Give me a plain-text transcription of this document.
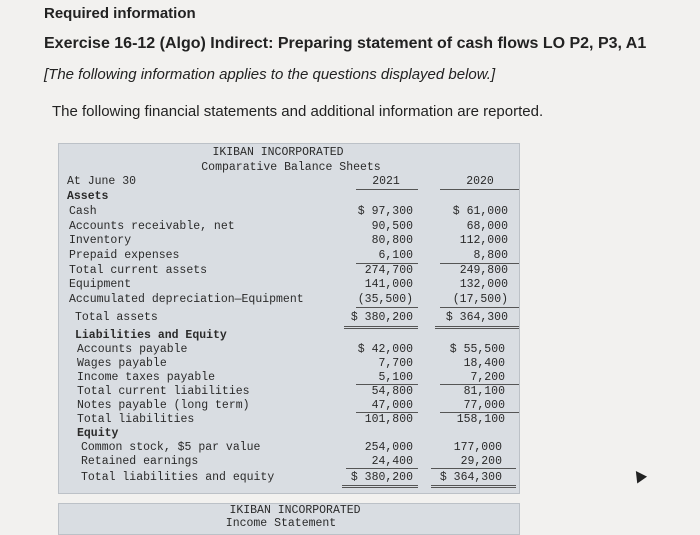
Required information
Exercise 16-12 (Algo) Indirect: Preparing statement of cash flows LO P2, P3, A1
[The following information applies to the questions displayed below.]
The following financial statements and additional information are reported.
IKIBAN INCORPORATED
Comparative Balance Sheets
At June 30	2021	2020
Assets
Cash	$ 97,300	$ 61,000
Accounts receivable, net	90,500	68,000
Inventory	80,800	112,000
Prepaid expenses	6,100	8,800
Total current assets	274,700	249,800
Equipment	141,000	132,000
Accumulated depreciation—Equipment	(35,500)	(17,500)
Total assets	$ 380,200	$ 364,300
Liabilities and Equity
Accounts payable	$ 42,000	$ 55,500
Wages payable	7,700	18,400
Income taxes payable	5,100	7,200
Total current liabilities	54,800	81,100
Notes payable (long term)	47,000	77,000
Total liabilities	101,800	158,100
Equity
Common stock, $5 par value	254,000	177,000
Retained earnings	24,400	29,200
Total liabilities and equity	$ 380,200 $ 364,300
IKIBAN INCORPORATED
Income Statement
